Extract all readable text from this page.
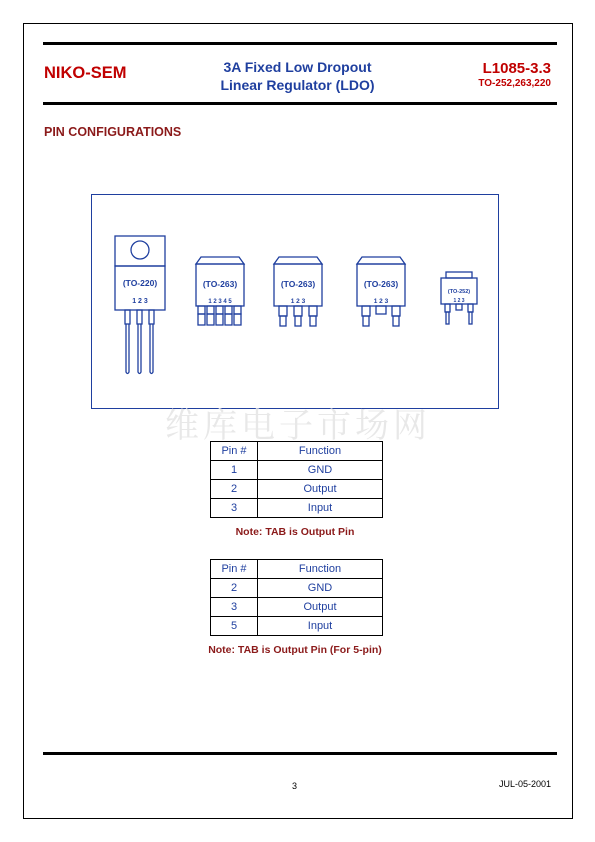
NIKO-SEM	3A Fixed Low Dropout
Linear Regulator (LDO)
L1085-3.3
TO-252,263,220
PIN CONFIGURATIONS
(TO-220)
1 2 3
(TO-263)
1 2 3 4 5
(TO-263)
1 2 3
(TO-263)
1 2 3
(TO-252)
1 2 3
维库电子市场网
Pin #	Function
1	GND
2	Output
3	Input
Note: TAB is Output Pin
Pin #	Function
2	GND
3	Output
5	Input
Note: TAB is Output Pin (For 5-pin)
3	JUL-05-2001
